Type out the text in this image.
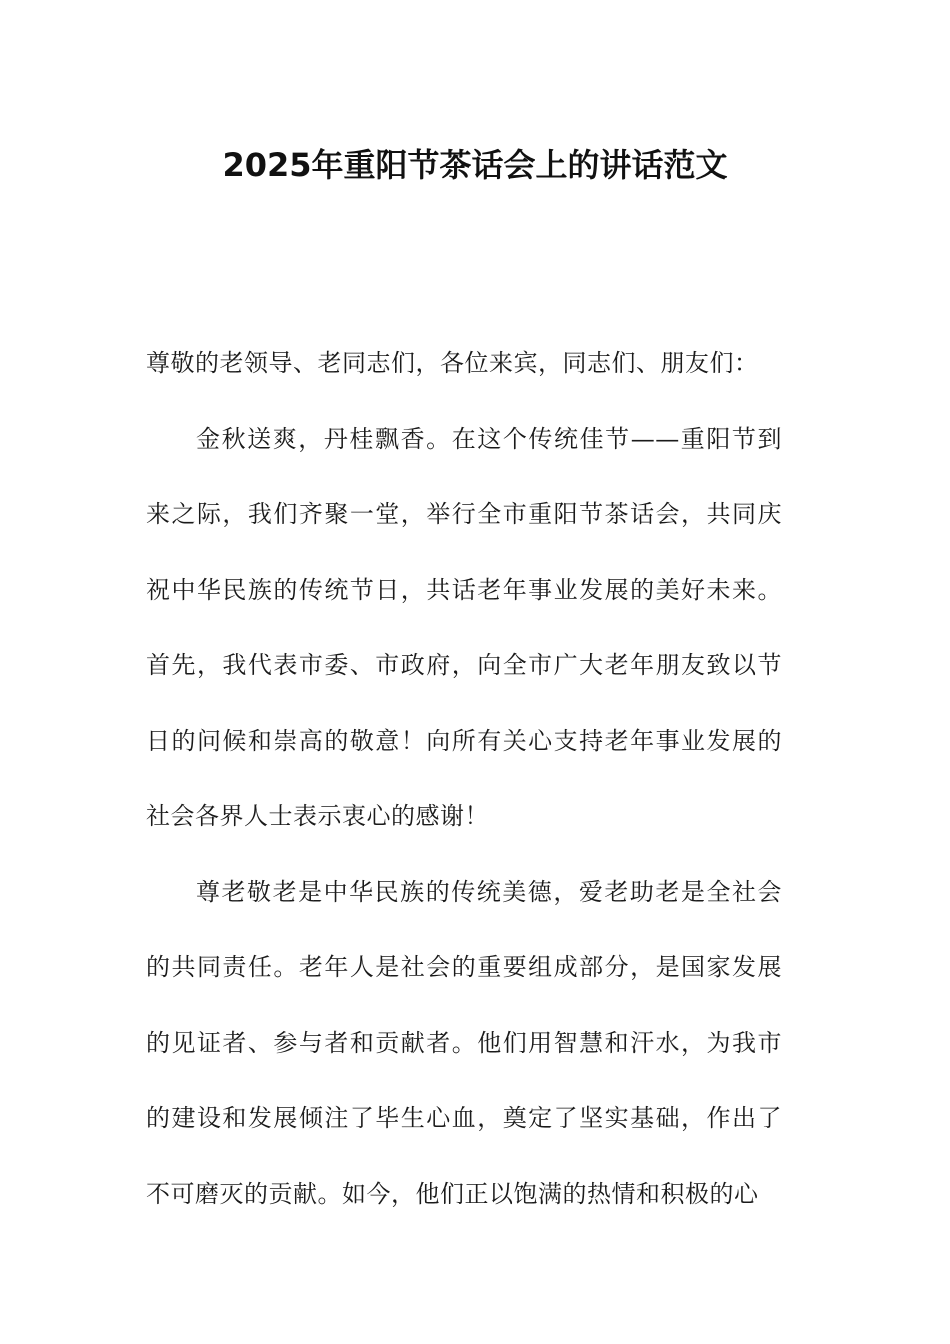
2025年重阳节茶话会上的讲话范文

尊敬的老领导、老同志们，各位来宾，同志们、朋友们：

金秋送爽，丹桂飘香。在这个传统佳节——重阳节到来之际，我们齐聚一堂，举行全市重阳节茶话会，共同庆祝中华民族的传统节日，共话老年事业发展的美好未来。首先，我代表市委、市政府，向全市广大老年朋友致以节日的问候和崇高的敬意！向所有关心支持老年事业发展的社会各界人士表示衷心的感谢！

尊老敬老是中华民族的传统美德，爱老助老是全社会的共同责任。老年人是社会的重要组成部分，是国家发展的见证者、参与者和贡献者。他们用智慧和汗水，为我市的建设和发展倾注了毕生心血，奠定了坚实基础，作出了不可磨灭的贡献。如今，他们正以饱满的热情和积极的心
